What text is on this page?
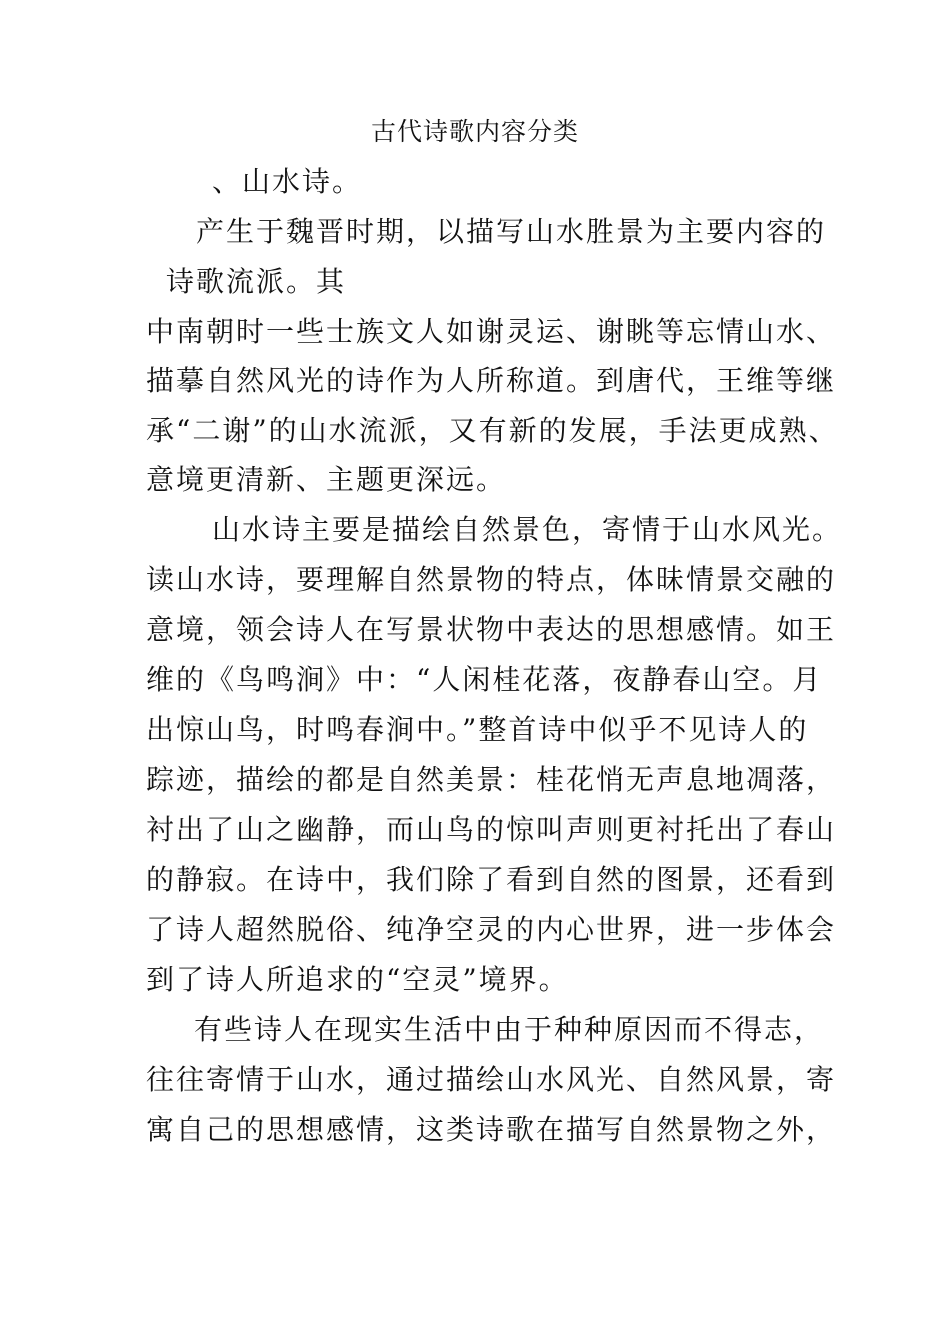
古代诗歌内容分类
、山水诗。
产生于魏晋时期，以描写山水胜景为主要内容的
诗歌流派。其
中南朝时一些士族文人如谢灵运、谢眺等忘情山水、
描摹自然风光的诗作为人所称道。到唐代，王维等继
承“二谢”的山水流派，又有新的发展，手法更成熟、
意境更清新、主题更深远。
山水诗主要是描绘自然景色，寄情于山水风光。
读山水诗，要理解自然景物的特点，体昧情景交融的
意境，领会诗人在写景状物中表达的思想感情。如王
维的《鸟鸣涧》中：“人闲桂花落，夜静春山空。月
出惊山鸟，时鸣春涧中。”整首诗中似乎不见诗人的
踪迹，描绘的都是自然美景：桂花悄无声息地凋落，
衬出了山之幽静，而山鸟的惊叫声则更衬托出了春山
的静寂。在诗中，我们除了看到自然的图景，还看到
了诗人超然脱俗、纯净空灵的内心世界，进一步体会
到了诗人所追求的“空灵”境界。
有些诗人在现实生活中由于种种原因而不得志，
往往寄情于山水，通过描绘山水风光、自然风景，寄
寓自己的思想感情，这类诗歌在描写自然景物之外，
